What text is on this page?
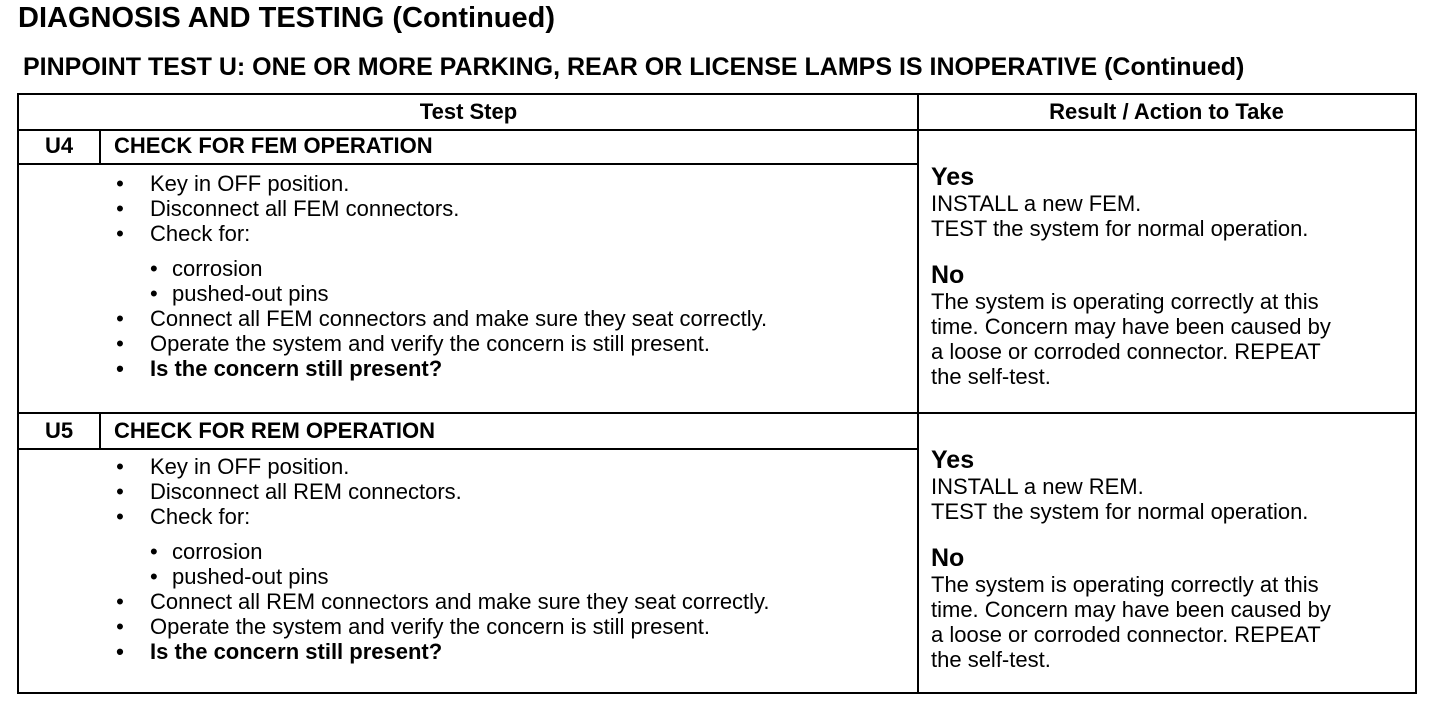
DIAGNOSIS AND TESTING (Continued)
PINPOINT TEST U: ONE OR MORE PARKING, REAR OR LICENSE LAMPS IS INOPERATIVE (Continued)
Test Step	Result / Action to Take
U4	CHECK FOR FEM OPERATION
• Key in OFF position.
• Disconnect all FEM connectors.
• Check for:
• corrosion
• pushed-out pins
• Connect all FEM connectors and make sure they seat correctly.
• Operate the system and verify the concern is still present.
• Is the concern still present?
Yes
INSTALL a new FEM.
TEST the system for normal operation.
No
The system is operating correctly at this
time. Concern may have been caused by
a loose or corroded connector. REPEAT
the self-test.
U5	CHECK FOR REM OPERATION
• Key in OFF position.
• Disconnect all REM connectors.
• Check for:
• corrosion
• pushed-out pins
• Connect all REM connectors and make sure they seat correctly.
• Operate the system and verify the concern is still present.
• Is the concern still present?
Yes
INSTALL a new REM.
TEST the system for normal operation.
No
The system is operating correctly at this
time. Concern may have been caused by
a loose or corroded connector. REPEAT
the self-test.
